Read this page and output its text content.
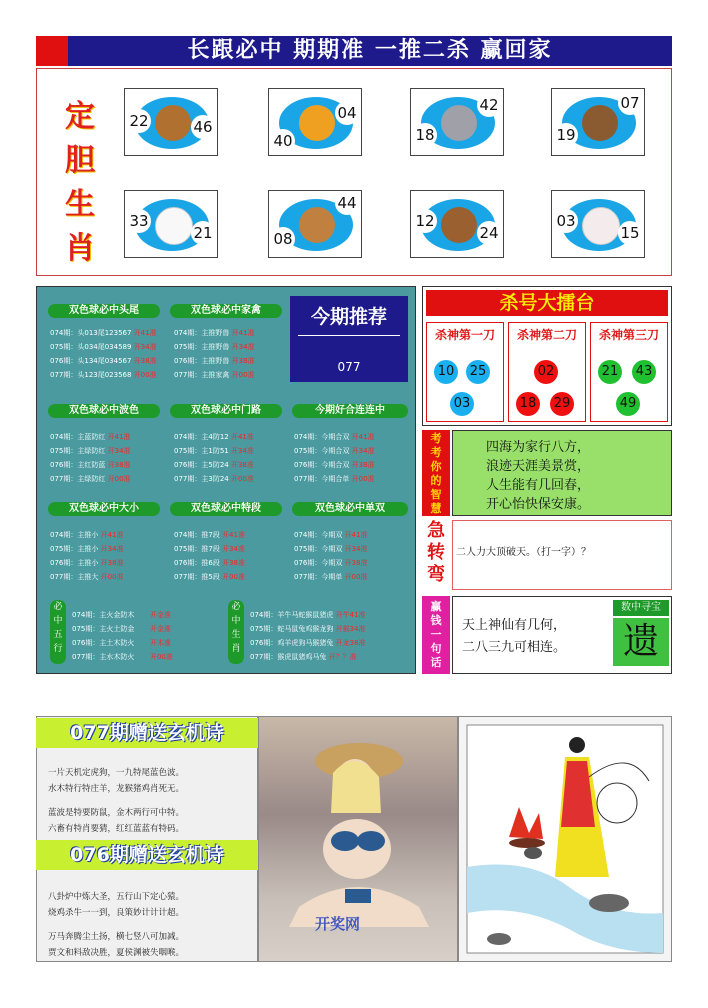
长跟必中 期期准 一推二杀 赢回家
定
胆
生
肖
22	46
40
04
18
42
19
07
33
21	08
44
12
24
03
15
双色球必中头尾
074期：头013尾123567 开41准
075期：头034尾034589 开34准
076期：头134尾034567 开38准
077期：头123尾023568 开00准
双色球必中家禽
074期：主推野兽 开41准
075期：主推野兽 开34准
076期：主推野兽 开38准
077期：主推家禽 开00准
今期推荐
077
双色球必中波色
074期：主蓝防红 开41准
075期：主绿防红 开34准
076期：主红防蓝 开38准
077期：主绿防红 开00准
双色球必中门路
074期：主4防12 开41准
075期：主1防51 开34准
076期：主5防24 开38准
077期：主3防24 开00准
今期好合连连中
074期：今期合双 开41准
075期：今期合双 开34准
076期：今期合双 开38准
077期：今期合单 开00准
双色球必中大小
074期：主推小 开41准
075期：主推小 开34准
076期：主推小 开38准
077期：主推大 开00准
双色球必中特段
074期：推7段 开41准
075期：推7段 开34准
076期：推6段 开38准
077期：推5段 开00准
双色球必中单双
074期：今期双 开41准
075期：今期双 开34准
076期：今期双 开38准
077期：今期单 开00准
必
中
五
行
074期：主火金防木 开金准
075期：主火土防金 开金准
076期：主土木防火 开木准
077期：主水木防火 开00准
必
中
生
肖
074期：羊牛马蛇猴鼠猪虎 开牛41准
075期：蛇马鼠兔鸡猴龙狗 开猴34准
076期：鸡羊虎狗马猴猪兔 开龙38准
077期：猴虎鼠猪鸡马兔 开？？准
杀号大擂台
杀神第一刀
10 25
03
杀神第二刀
02
18 29
杀神第三刀
21 43
49
考
考
你
的
智
慧
四海为家行八方，
浪迹天涯美景赏，
人生能有几回春，
开心怡快保安康。
急
转
弯
二人力大顶破天。（打一字）？
赢
钱
一
句
话
天上神仙有几何，
二八三九可相连。
数中寻宝
遗
077期赠送玄机诗
一片天机定虎狗，一九特尾蓝色波。
水木特行特庄羊，龙猴猪鸡肖死无。
蓝波是特要防鼠，金木两行可中特。
六畜有特肖要猜，红红蓝蓝有特码。
076期赠送玄机诗
八卦炉中炼大圣，五行山下定心猿。
烧鸡杀牛一一到，良策妙计计计超。
万马奔腾尘土扬，横七竖八可加减。
贾文和料敌决胜，夏侯渊被失咽喉。
开奖网
